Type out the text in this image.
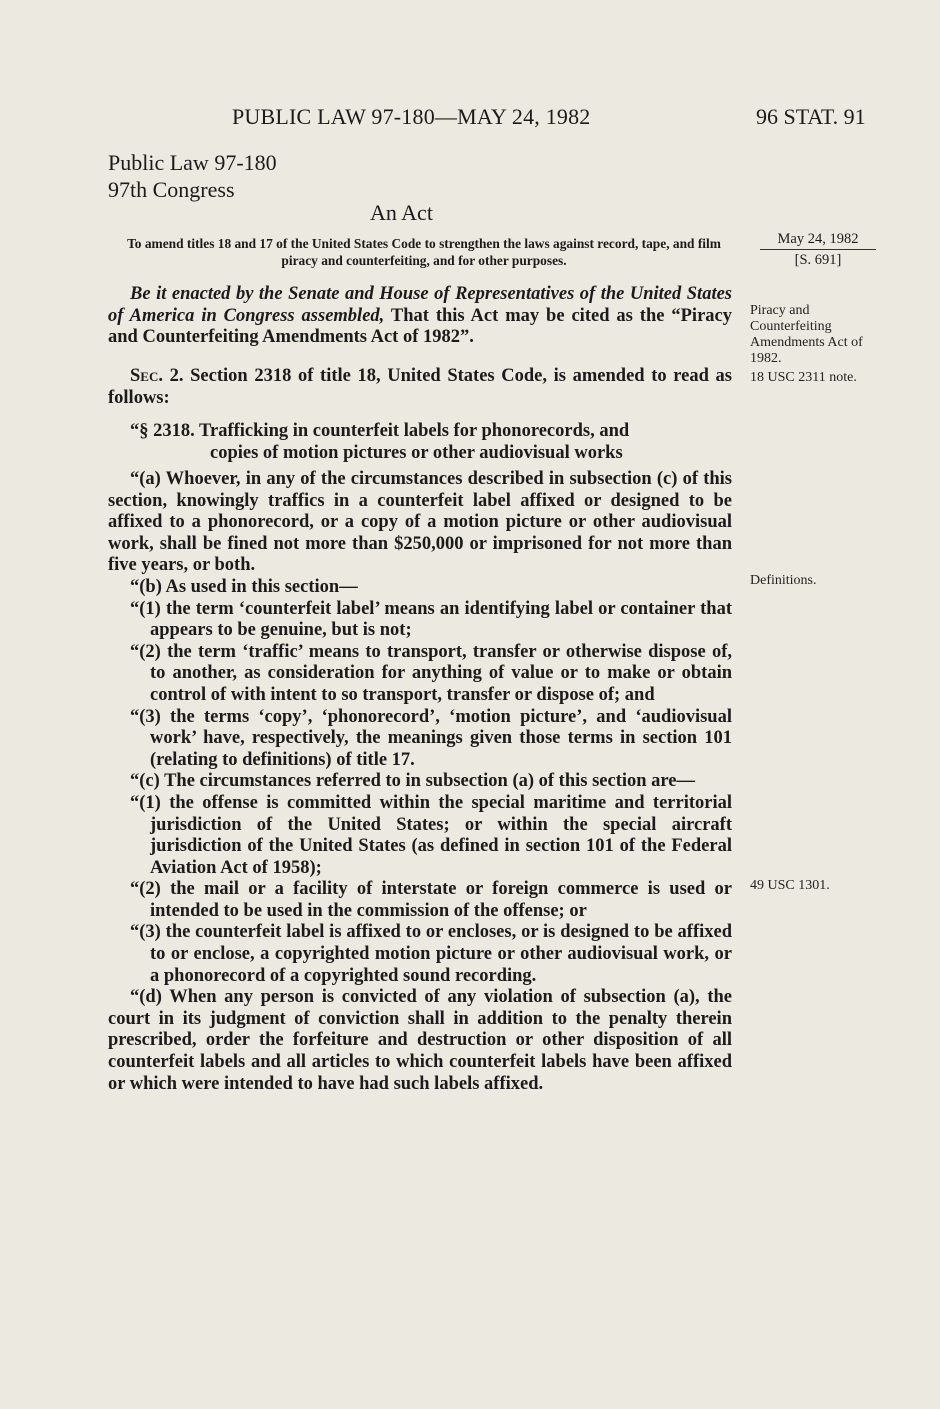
PUBLIC LAW 97-180—MAY 24, 1982	96 STAT. 91
Public Law 97-180
97th Congress
An Act
To amend titles 18 and 17 of the United States Code to strengthen the laws against record, tape, and film piracy and counterfeiting, and for other purposes.
May 24, 1982
[S. 691]
Piracy and Counterfeiting Amendments Act of 1982.
18 USC 2311 note.
Definitions.
49 USC 1301.

Be it enacted by the Senate and House of Representatives of the United States of America in Congress assembled, That this Act may be cited as the “Piracy and Counterfeiting Amendments Act of 1982”.

Sec. 2. Section 2318 of title 18, United States Code, is amended to read as follows:

“§ 2318. Trafficking in counterfeit labels for phonorecords, and
copies of motion pictures or other audiovisual works

“(a) Whoever, in any of the circumstances described in subsection (c) of this section, knowingly traffics in a counterfeit label affixed or designed to be affixed to a phonorecord, or a copy of a motion picture or other audiovisual work, shall be fined not more than $250,000 or imprisoned for not more than five years, or both.

“(b) As used in this section—

“(1) the term ‘counterfeit label’ means an identifying label or container that appears to be genuine, but is not;

“(2) the term ‘traffic’ means to transport, transfer or otherwise dispose of, to another, as consideration for anything of value or to make or obtain control of with intent to so transport, transfer or dispose of; and

“(3) the terms ‘copy’, ‘phonorecord’, ‘motion picture’, and ‘audiovisual work’ have, respectively, the meanings given those terms in section 101 (relating to definitions) of title 17.

“(c) The circumstances referred to in subsection (a) of this section are—

“(1) the offense is committed within the special maritime and territorial jurisdiction of the United States; or within the special aircraft jurisdiction of the United States (as defined in section 101 of the Federal Aviation Act of 1958);

“(2) the mail or a facility of interstate or foreign commerce is used or intended to be used in the commission of the offense; or

“(3) the counterfeit label is affixed to or encloses, or is designed to be affixed to or enclose, a copyrighted motion picture or other audiovisual work, or a phonorecord of a copyrighted sound recording.

“(d) When any person is convicted of any violation of subsection (a), the court in its judgment of conviction shall in addition to the penalty therein prescribed, order the forfeiture and destruction or other disposition of all counterfeit labels and all articles to which counterfeit labels have been affixed or which were intended to have had such labels affixed.
